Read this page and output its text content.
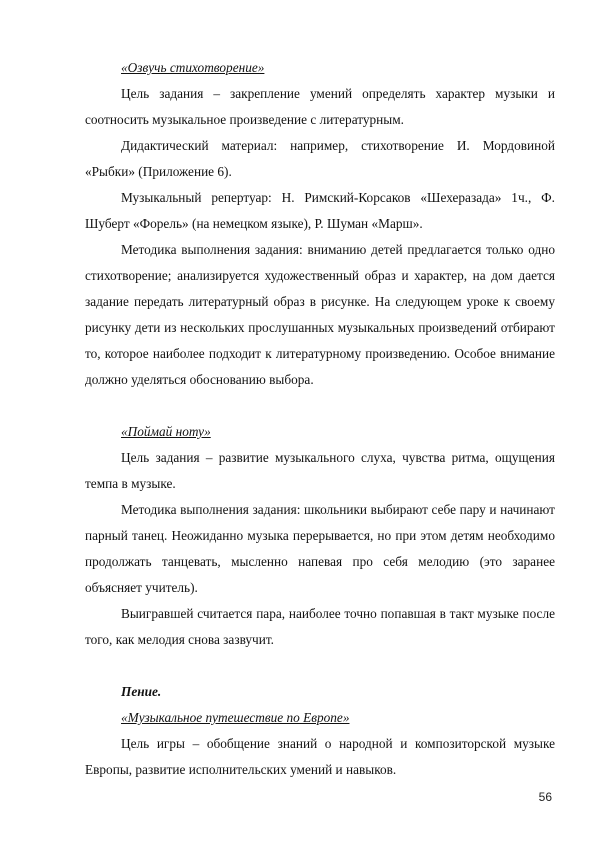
«Озвучь стихотворение»

Цель задания – закрепление умений определять характер музыки и соотносить музыкальное произведение с литературным.

Дидактический материал: например, стихотворение И. Мордовиной «Рыбки» (Приложение 6).

Музыкальный репертуар: Н. Римский-Корсаков «Шехеразада» 1ч., Ф. Шуберт «Форель» (на немецком языке), Р. Шуман «Марш».

Методика выполнения задания: вниманию детей предлагается только одно стихотворение; анализируется художественный образ и характер, на дом дается задание передать литературный образ в рисунке. На следующем уроке к своему рисунку дети из нескольких прослушанных музыкальных произведений отбирают то, которое наиболее подходит к литературному произведению. Особое внимание должно уделяться обоснованию выбора.

«Поймай ноту»

Цель задания – развитие музыкального слуха, чувства ритма, ощущения темпа в музыке.

Методика выполнения задания: школьники выбирают себе пару и начинают парный танец. Неожиданно музыка перерывается, но при этом детям необходимо продолжать танцевать, мысленно напевая про себя мелодию (это заранее объясняет учитель).

Выигравшей считается пара, наиболее точно попавшая в такт музыке после того, как мелодия снова зазвучит.

Пение.
«Музыкальное путешествие по Европе»

Цель игры – обобщение знаний о народной и композиторской музыке Европы, развитие исполнительских умений и навыков.

56
